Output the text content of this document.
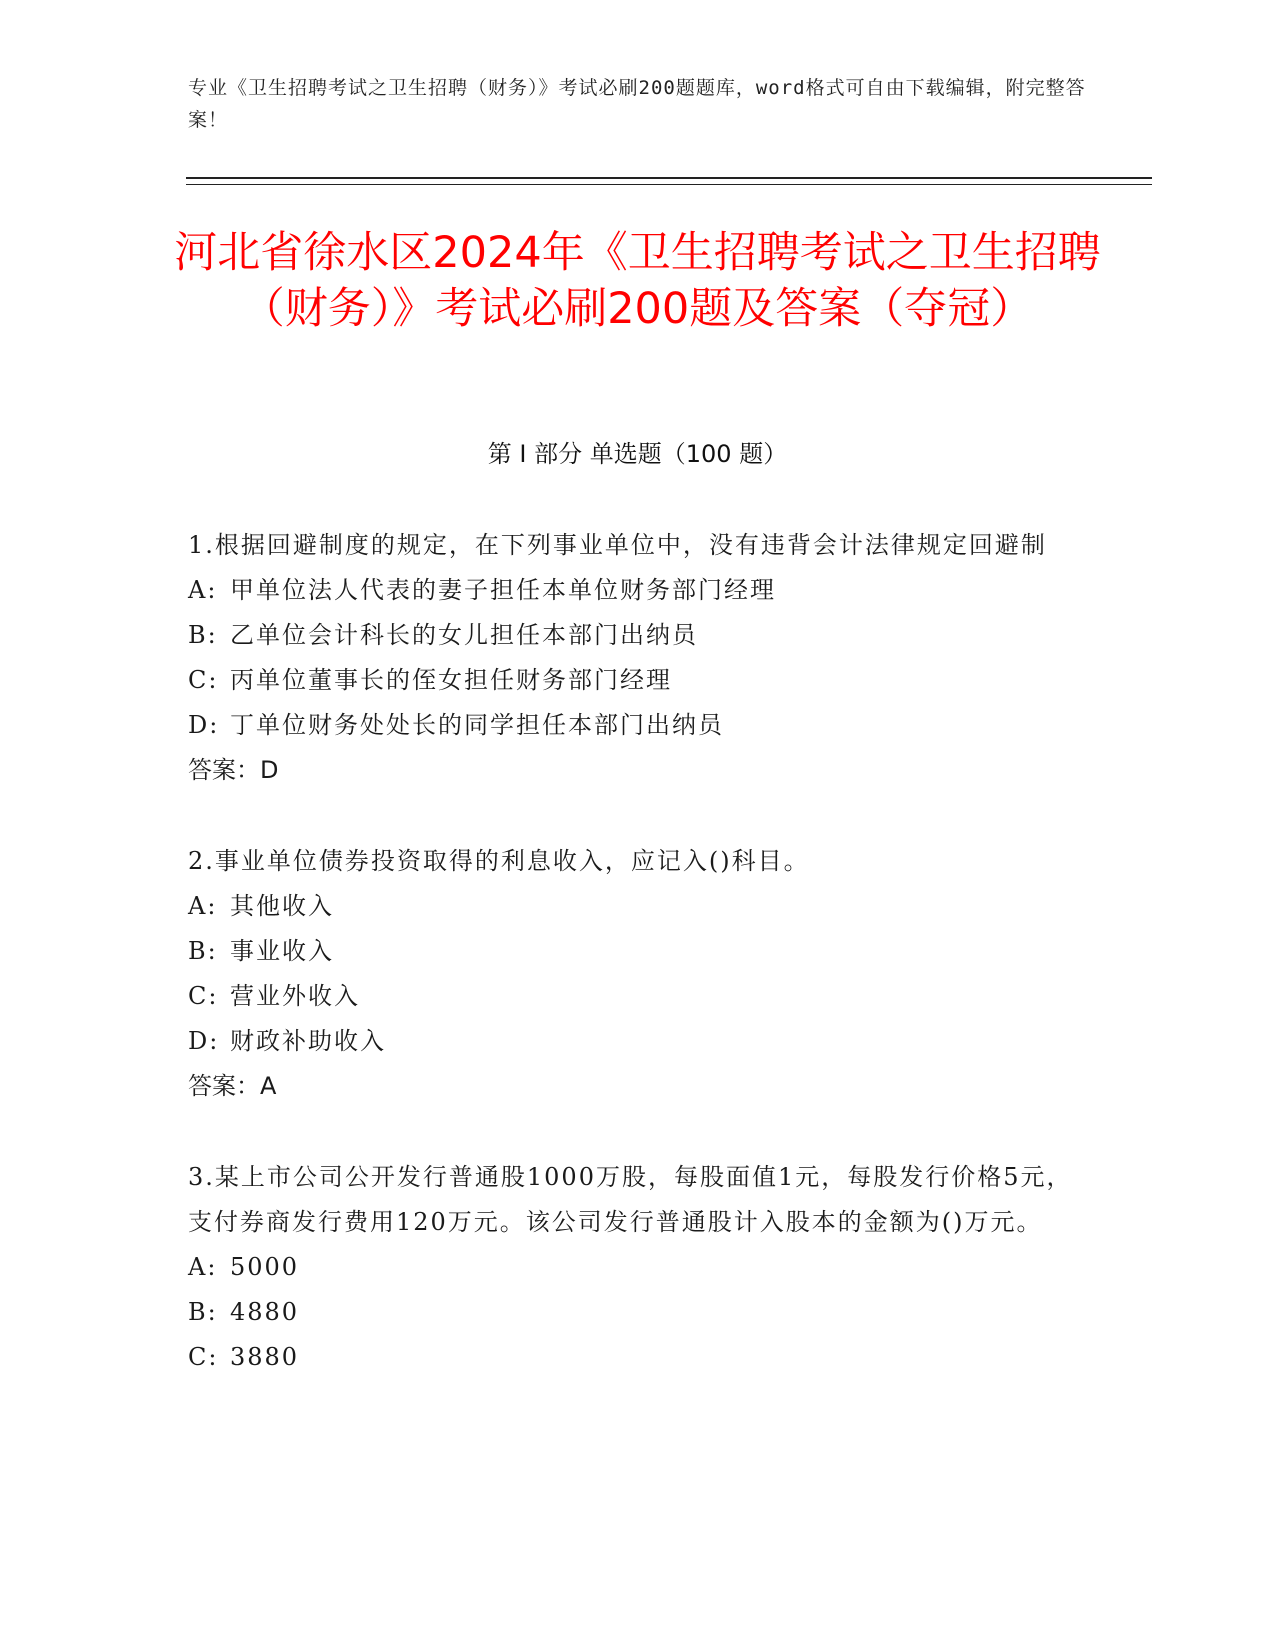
专业《卫生招聘考试之卫生招聘（财务）》考试必刷200题题库，word格式可自由下载编辑，附完整答案！
河北省徐水区2024年《卫生招聘考试之卫生招聘（财务）》考试必刷200题及答案（夺冠）
第 I 部分 单选题（100 题）

1.根据回避制度的规定，在下列事业单位中，没有违背会计法律规定回避制

A: 甲单位法人代表的妻子担任本单位财务部门经理

B: 乙单位会计科长的女儿担任本部门出纳员

C: 丙单位董事长的侄女担任财务部门经理

D: 丁单位财务处处长的同学担任本部门出纳员

答案：D

2.事业单位债券投资取得的利息收入，应记入()科目。

A: 其他收入

B: 事业收入

C: 营业外收入

D: 财政补助收入

答案：A

3.某上市公司公开发行普通股1000万股，每股面值1元，每股发行价格5元，支付券商发行费用120万元。该公司发行普通股计入股本的金额为()万元。

A: 5000

B: 4880

C: 3880
